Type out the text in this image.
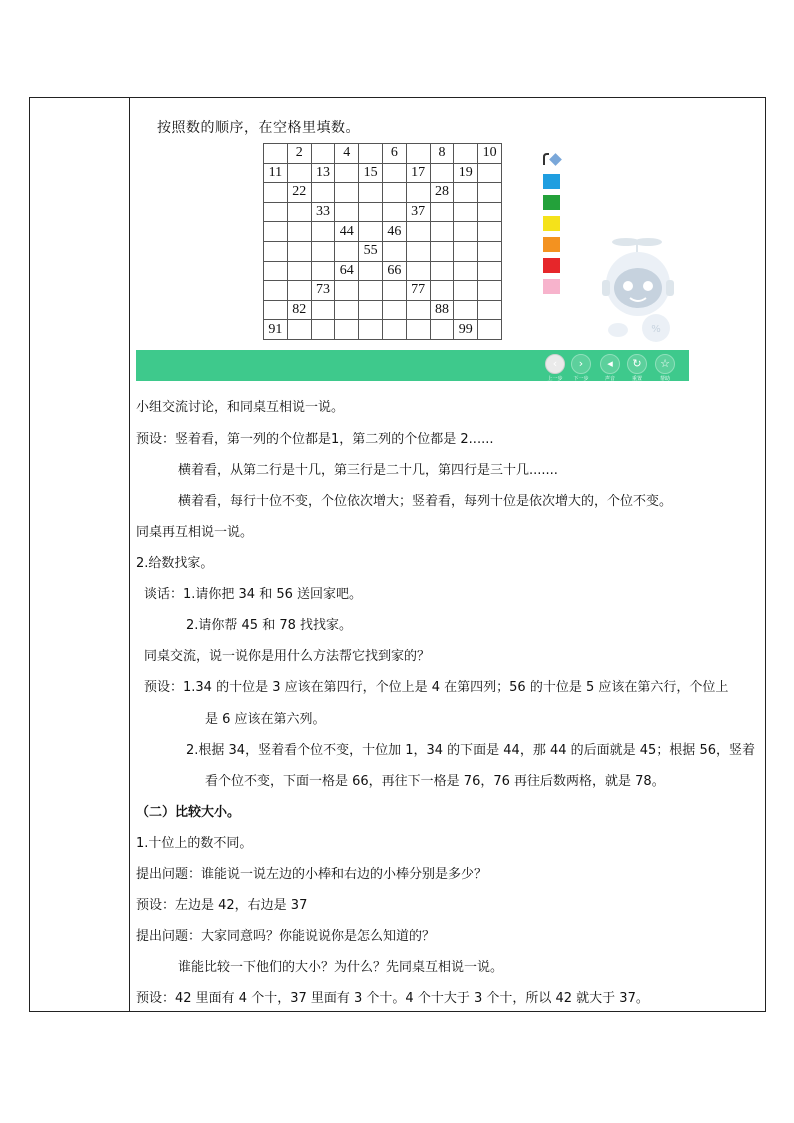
按照数的顺序，在空格里填数。
	2		4		6		8		10
11		13		15		17		19	
	22						28		
		33				37			
			44		46				
				55					
			64		66				
		73				77			
	82						88		
91								99		%
‹
上一步
›
下一步
◂
声音
↻
重置
☆
帮助
小组交流讨论，和同桌互相说一说。
预设：竖着看，第一列的个位都是1，第二列的个位都是 2......
横着看，从第二行是十几，第三行是二十几，第四行是三十几.......
横着看，每行十位不变，个位依次增大；竖着看，每列十位是依次增大的，个位不变。
同桌再互相说一说。
2.给数找家。
谈话：1.请你把 34 和 56 送回家吧。
2.请你帮 45 和 78 找找家。
同桌交流，说一说你是用什么方法帮它找到家的？
预设：1.34 的十位是 3 应该在第四行，个位上是 4 在第四列；56 的十位是 5 应该在第六行，个位上
是 6 应该在第六列。
2.根据 34，竖着看个位不变，十位加 1，34 的下面是 44，那 44 的后面就是 45；根据 56，竖着
看个位不变，下面一格是 66，再往下一格是 76，76 再往后数两格，就是 78。
（二）比较大小。
1.十位上的数不同。
提出问题：谁能说一说左边的小棒和右边的小棒分别是多少？
预设：左边是 42，右边是 37
提出问题：大家同意吗？你能说说你是怎么知道的？
谁能比较一下他们的大小？为什么？先同桌互相说一说。
预设：42 里面有 4 个十，37 里面有 3 个十。4 个十大于 3 个十，所以 42 就大于 37。
